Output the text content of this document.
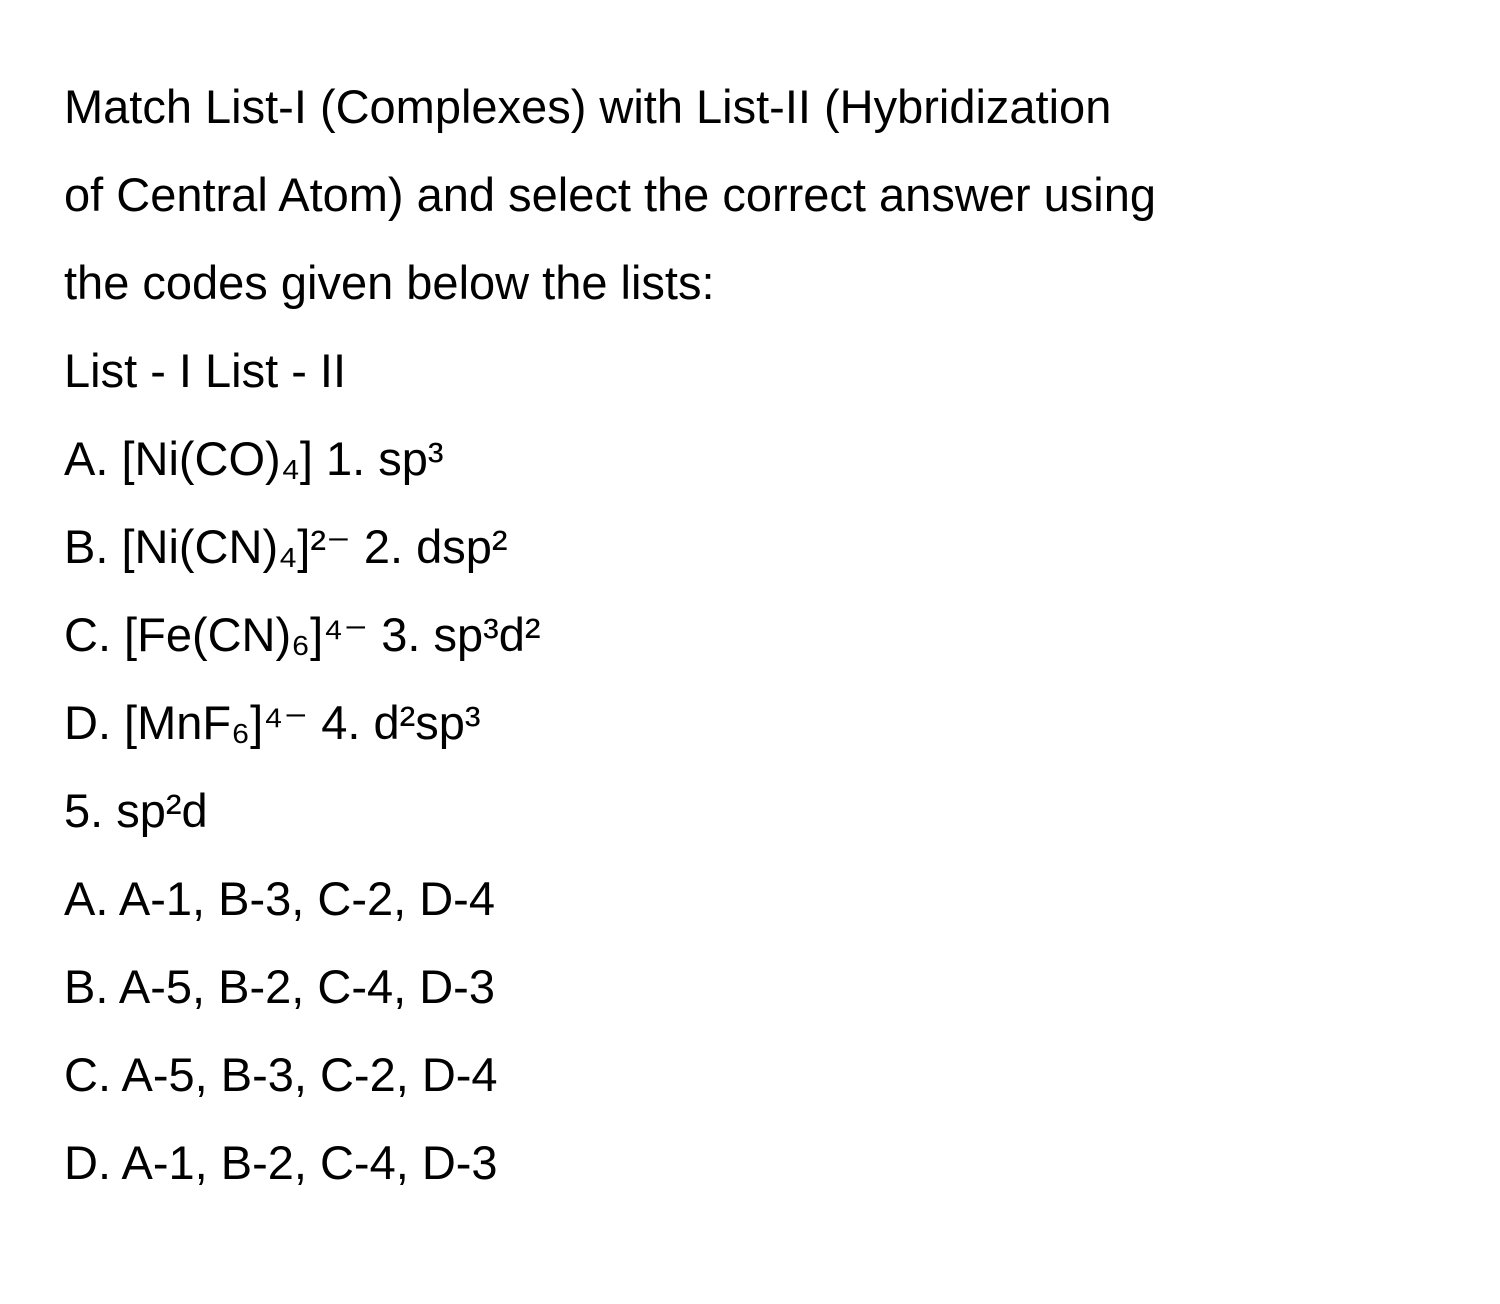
Match List-I (Complexes) with List-II (Hybridization
of Central Atom) and select the correct answer using
the codes given below the lists:
List - I List - II
A. [Ni(CO)₄] 1. sp³
B. [Ni(CN)₄]²⁻ 2. dsp²
C. [Fe(CN)₆]⁴⁻ 3. sp³d²
D. [MnF₆]⁴⁻ 4. d²sp³
5. sp²d
A. A-1, B-3, C-2, D-4
B. A-5, B-2, C-4, D-3
C. A-5, B-3, C-2, D-4
D. A-1, B-2, C-4, D-3
